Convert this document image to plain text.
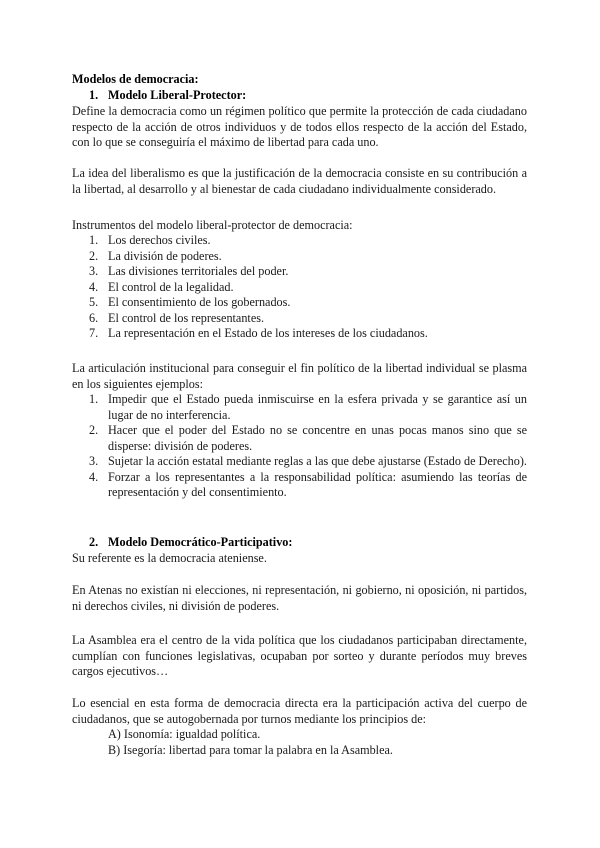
Modelos de democracia:

1. Modelo Liberal-Protector:

Define la democracia como un régimen político que permite la protección de cada ciudadano respecto de la acción de otros individuos y de todos ellos respecto de la acción del Estado, con lo que se conseguiría el máximo de libertad para cada uno.

La idea del liberalismo es que la justificación de la democracia consiste en su contribución a la libertad, al desarrollo y al bienestar de cada ciudadano individualmente considerado.

Instrumentos del modelo liberal-protector de democracia:

1. Los derechos civiles.
2. La división de poderes.
3. Las divisiones territoriales del poder.
4. El control de la legalidad.
5. El consentimiento de los gobernados.
6. El control de los representantes.
7. La representación en el Estado de los intereses de los ciudadanos.

La articulación institucional para conseguir el fin político de la libertad individual se plasma en los siguientes ejemplos:

1. Impedir que el Estado pueda inmiscuirse en la esfera privada y se garantice así un lugar de no interferencia.
2. Hacer que el poder del Estado no se concentre en unas pocas manos sino que se disperse: división de poderes.
3. Sujetar la acción estatal mediante reglas a las que debe ajustarse (Estado de Derecho).
4. Forzar a los representantes a la responsabilidad política: asumiendo las teorías de representación y del consentimiento.
2. Modelo Democrático-Participativo:

Su referente es la democracia ateniense.

En Atenas no existían ni elecciones, ni representación, ni gobierno, ni oposición, ni partidos, ni derechos civiles, ni división de poderes.

La Asamblea era el centro de la vida política que los ciudadanos participaban directamente, cumplían con funciones legislativas, ocupaban por sorteo y durante períodos muy breves cargos ejecutivos…

Lo esencial en esta forma de democracia directa era la participación activa del cuerpo de ciudadanos, que se autogobernada por turnos mediante los principios de:

A) Isonomía: igualdad política.

B) Isegoría: libertad para tomar la palabra en la Asamblea.
